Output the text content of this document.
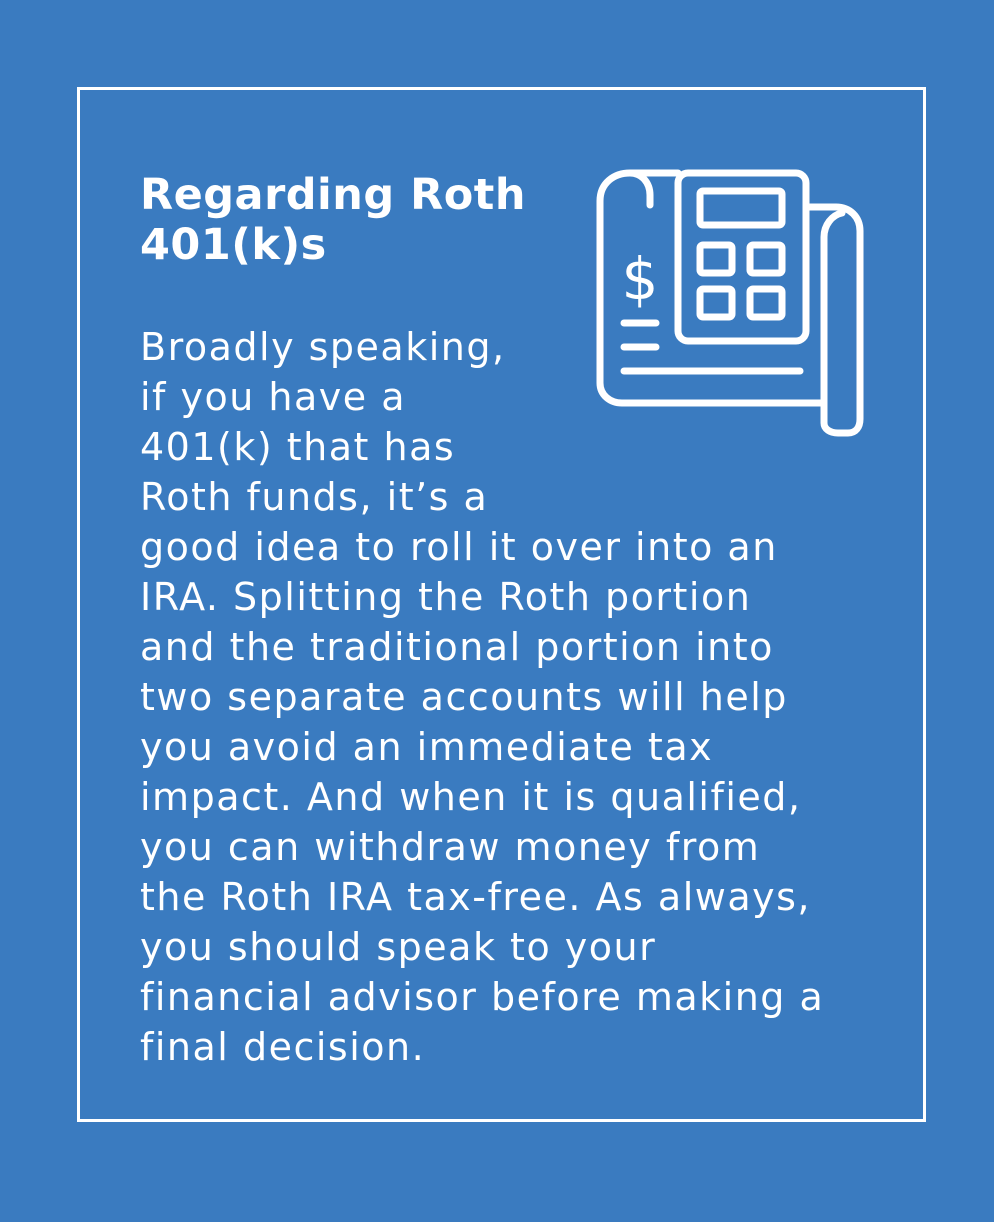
$
Regarding Roth
401(k)s

Broadly speaking,
if you have a
401(k) that has
Roth funds, it’s a
good idea to roll it over into an
IRA. Splitting the Roth portion
and the traditional portion into
two separate accounts will help
you avoid an immediate tax
impact. And when it is qualified,
you can withdraw money from
the Roth IRA tax-free. As always,
you should speak to your
financial advisor before making a
final decision.
